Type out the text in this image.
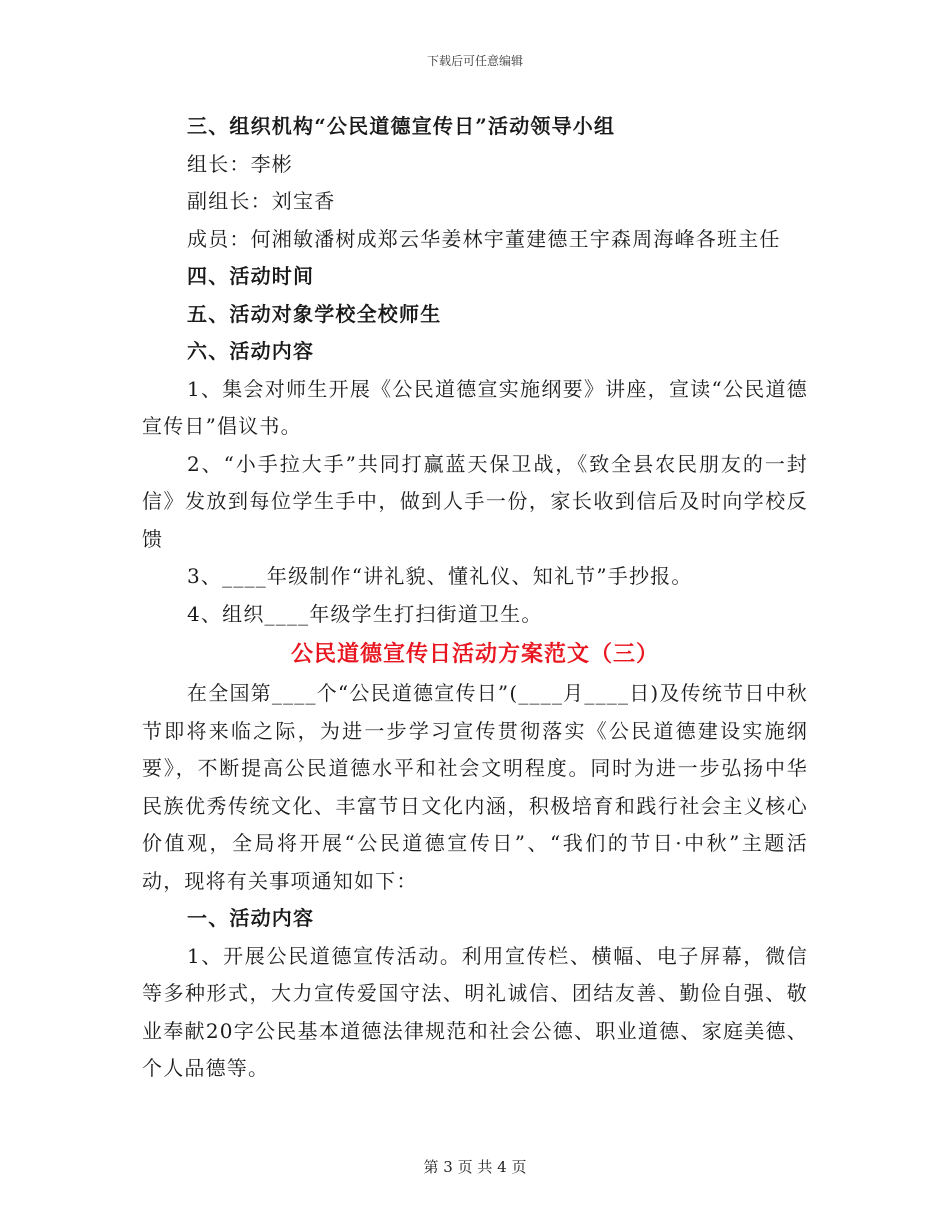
下载后可任意编辑

三、组织机构“公民道德宣传日”活动领导小组

组长：李彬

副组长：刘宝香

成员：何湘敏潘树成郑云华姜林宇董建德王宇森周海峰各班主任

四、活动时间

五、活动对象学校全校师生

六、活动内容

1、集会对师生开展《公民道德宣实施纲要》讲座，宣读“公民道德宣传日”倡议书。

2、“小手拉大手”共同打赢蓝天保卫战，《致全县农民朋友的一封信》发放到每位学生手中，做到人手一份，家长收到信后及时向学校反馈

3、____年级制作“讲礼貌、懂礼仪、知礼节”手抄报。

4、组织____年级学生打扫街道卫生。

公民道德宣传日活动方案范文（三）

在全国第____个“公民道德宣传日”(____月____日)及传统节日中秋节即将来临之际，为进一步学习宣传贯彻落实《公民道德建设实施纲要》，不断提高公民道德水平和社会文明程度。同时为进一步弘扬中华民族优秀传统文化、丰富节日文化内涵，积极培育和践行社会主义核心价值观，全局将开展“公民道德宣传日”、“我们的节日·中秋”主题活动，现将有关事项通知如下：

一、活动内容

1、开展公民道德宣传活动。利用宣传栏、横幅、电子屏幕，微信等多种形式，大力宣传爱国守法、明礼诚信、团结友善、勤俭自强、敬业奉献20字公民基本道德法律规范和社会公德、职业道德、家庭美德、个人品德等。

第 3 页 共 4 页
